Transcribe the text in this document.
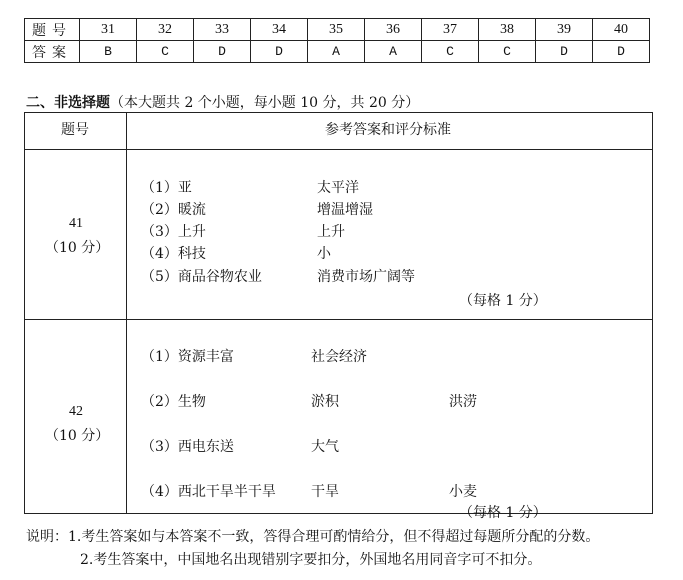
题号	31	32	33	34	35	36	37	38	39	40
答案	B	C	D	D	A	A	C	C	D	D
二、非选择题（本大题共 2 个小题，每小题 10 分，共 20 分）
题号	参考答案和评分标准
41
（10 分）
（1）亚	太平洋
（2）暖流	增温增湿
（3）上升	上升
（4）科技	小
（5）商品谷物农业	消费市场广阔等
（每格 1 分）
42
（10 分）
（1）资源丰富	社会经济
（2）生物	淤积	洪涝
（3）西电东送	大气
（4）西北干旱半干旱	干旱	小麦
（每格 1 分）
说明：1.考生答案如与本答案不一致，答得合理可酌情给分，但不得超过每题所分配的分数。
2.考生答案中，中国地名出现错别字要扣分，外国地名用同音字可不扣分。
